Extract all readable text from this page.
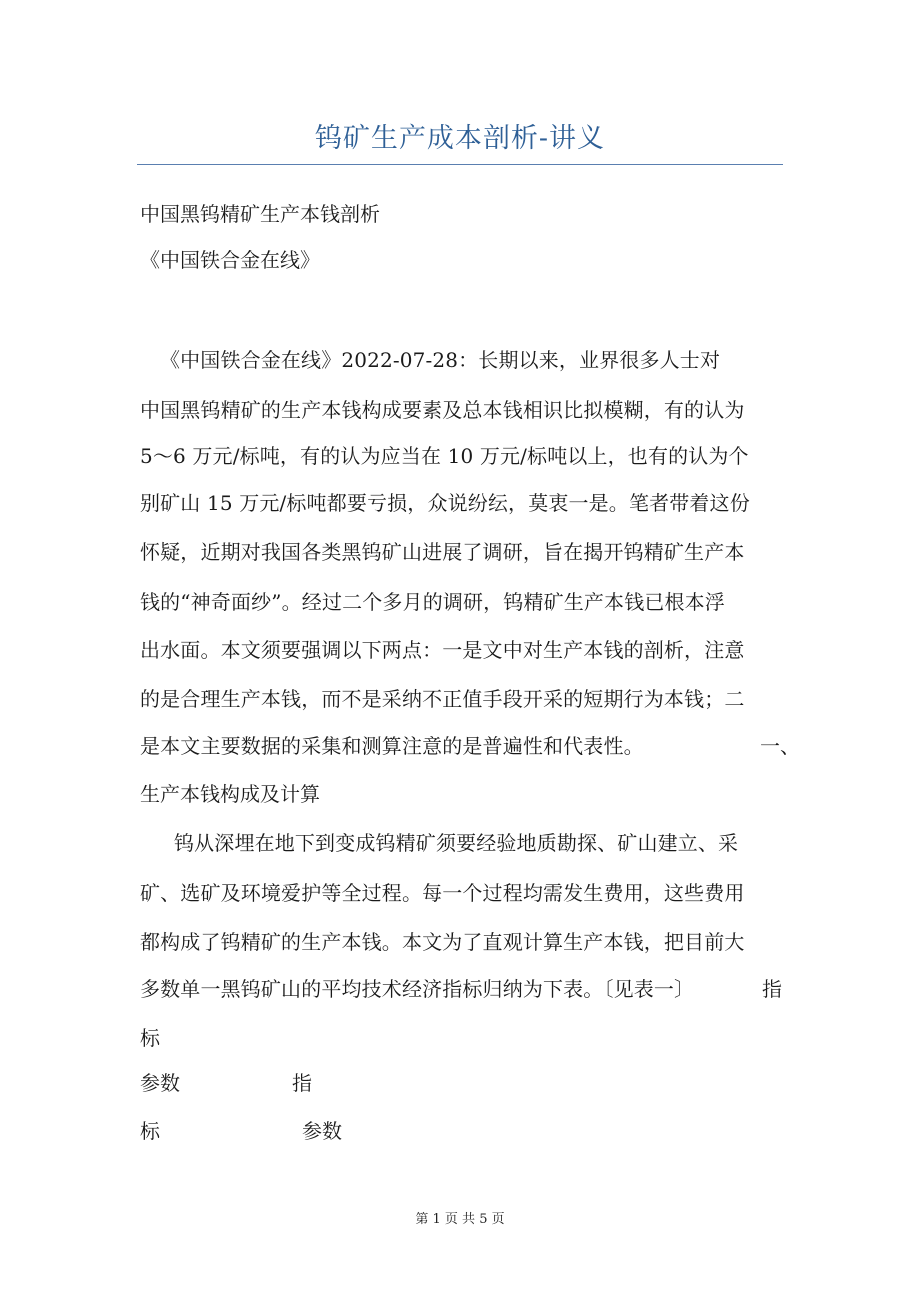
钨矿生产成本剖析-讲义
中国黑钨精矿生产本钱剖析
《中国铁合金在线》
《中国铁合金在线》2022-07-28：长期以来，业界很多人士对
中国黑钨精矿的生产本钱构成要素及总本钱相识比拟模糊，有的认为
5～6 万元/标吨，有的认为应当在 10 万元/标吨以上，也有的认为个
别矿山 15 万元/标吨都要亏损，众说纷纭，莫衷一是。笔者带着这份
怀疑，近期对我国各类黑钨矿山进展了调研，旨在揭开钨精矿生产本
钱的“神奇面纱”。经过二个多月的调研，钨精矿生产本钱已根本浮
出水面。本文须要强调以下两点：一是文中对生产本钱的剖析，注意
的是合理生产本钱，而不是采纳不正值手段开采的短期行为本钱；二
是本文主要数据的采集和测算注意的是普遍性和代表性。	一、
生产本钱构成及计算
钨从深埋在地下到变成钨精矿须要经验地质勘探、矿山建立、采
矿、选矿及环境爱护等全过程。每一个过程均需发生费用，这些费用
都构成了钨精矿的生产本钱。本文为了直观计算生产本钱，把目前大
多数单一黑钨矿山的平均技术经济指标归纳为下表。〔见表一〕	指
标
参数	指
标	参数
第 1 页 共 5 页
